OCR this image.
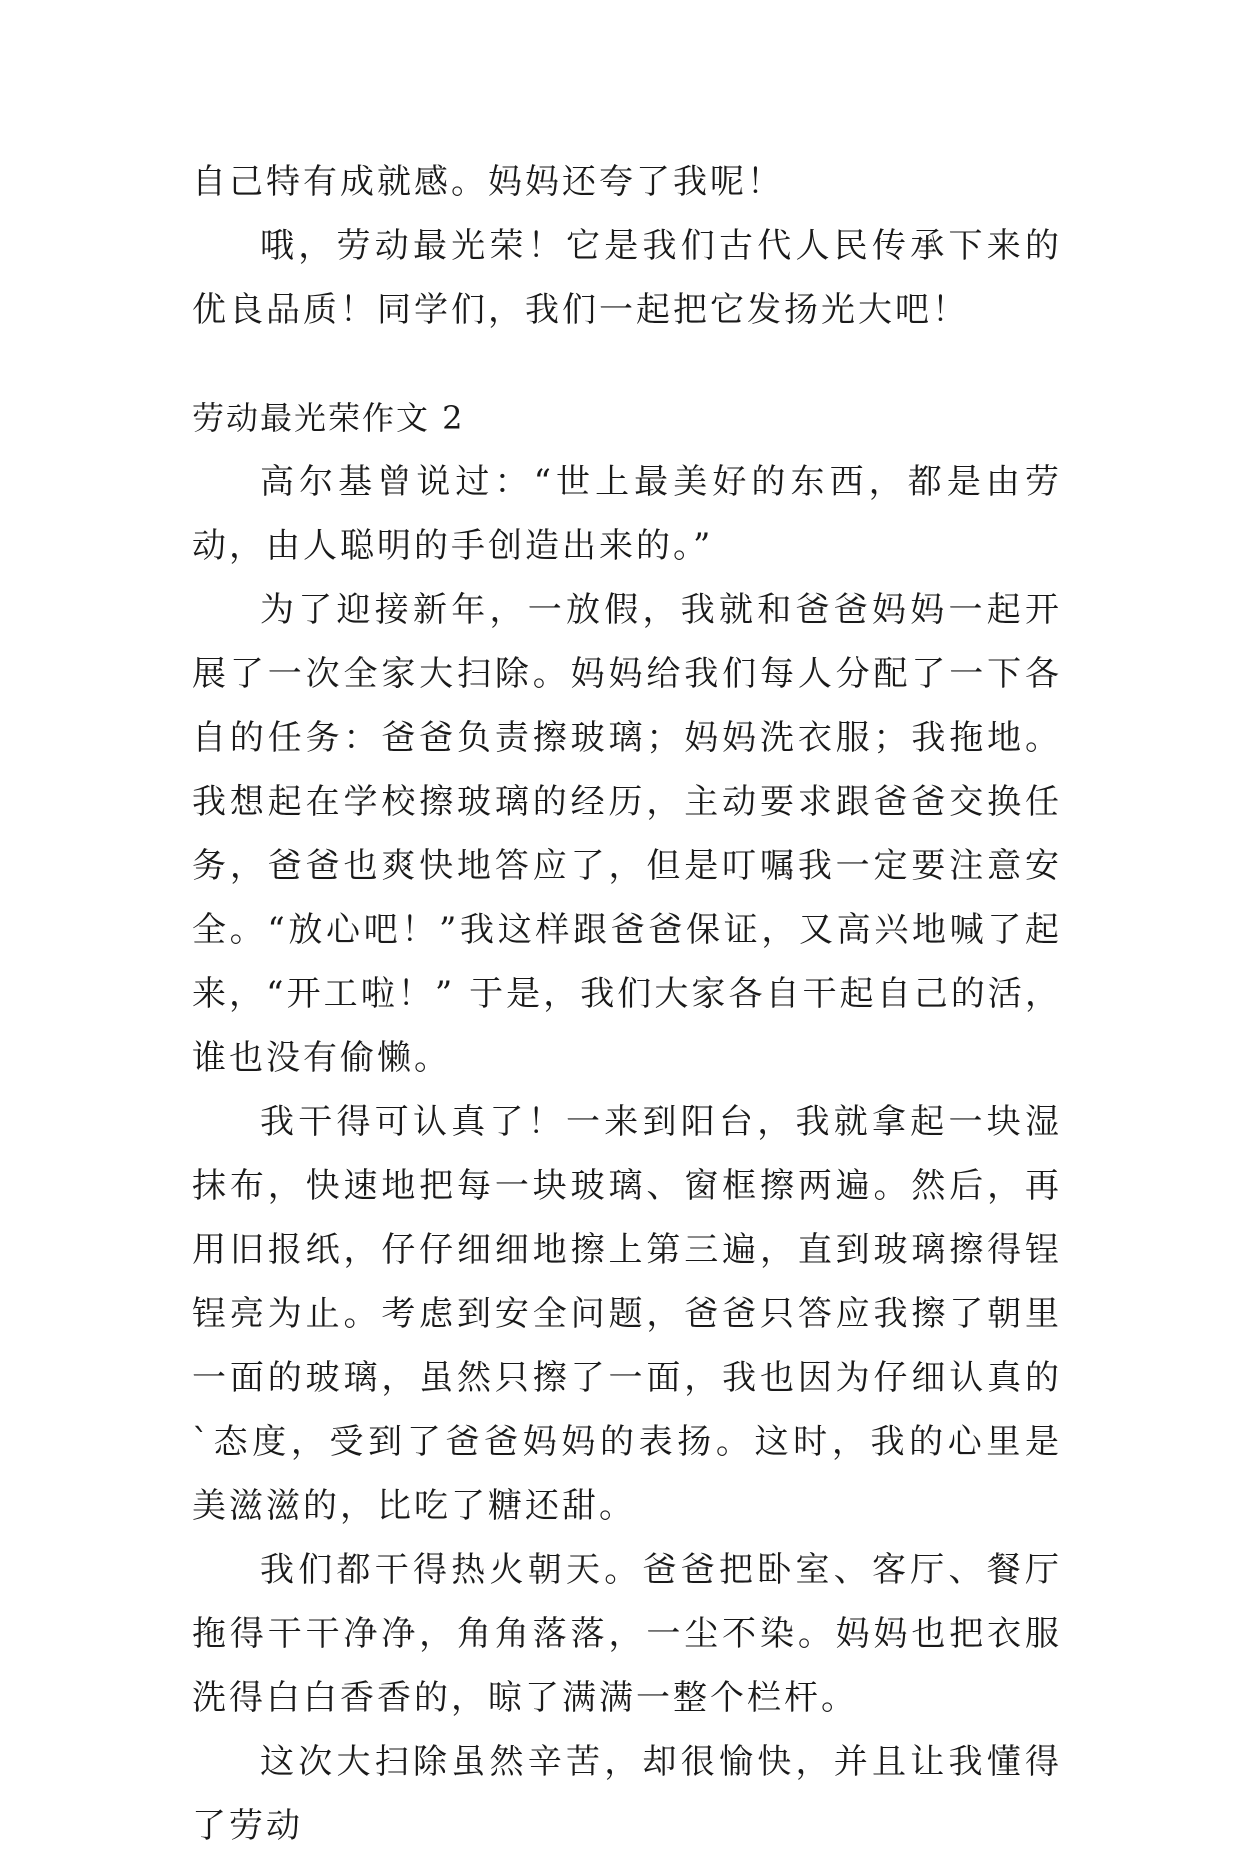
自己特有成就感。妈妈还夸了我呢！

哦，劳动最光荣！它是我们古代人民传承下来的优良品质！同学们，我们一起把它发扬光大吧！

劳动最光荣作文 2

高尔基曾说过：“世上最美好的东西，都是由劳动，由人聪明的手创造出来的。”

为了迎接新年，一放假，我就和爸爸妈妈一起开展了一次全家大扫除。妈妈给我们每人分配了一下各自的任务：爸爸负责擦玻璃；妈妈洗衣服；我拖地。我想起在学校擦玻璃的经历，主动要求跟爸爸交换任务，爸爸也爽快地答应了，但是叮嘱我一定要注意安全。“放心吧！”我这样跟爸爸保证，又高兴地喊了起来，“开工啦！” 于是，我们大家各自干起自己的活，谁也没有偷懒。

我干得可认真了！一来到阳台，我就拿起一块湿抹布，快速地把每一块玻璃、窗框擦两遍。然后，再用旧报纸，仔仔细细地擦上第三遍，直到玻璃擦得锃锃亮为止。考虑到安全问题，爸爸只答应我擦了朝里一面的玻璃，虽然只擦了一面，我也因为仔细认真的`态度，受到了爸爸妈妈的表扬。这时，我的心里是美滋滋的，比吃了糖还甜。

我们都干得热火朝天。爸爸把卧室、客厅、餐厅拖得干干净净，角角落落，一尘不染。妈妈也把衣服洗得白白香香的，晾了满满一整个栏杆。

这次大扫除虽然辛苦，却很愉快，并且让我懂得了劳动
